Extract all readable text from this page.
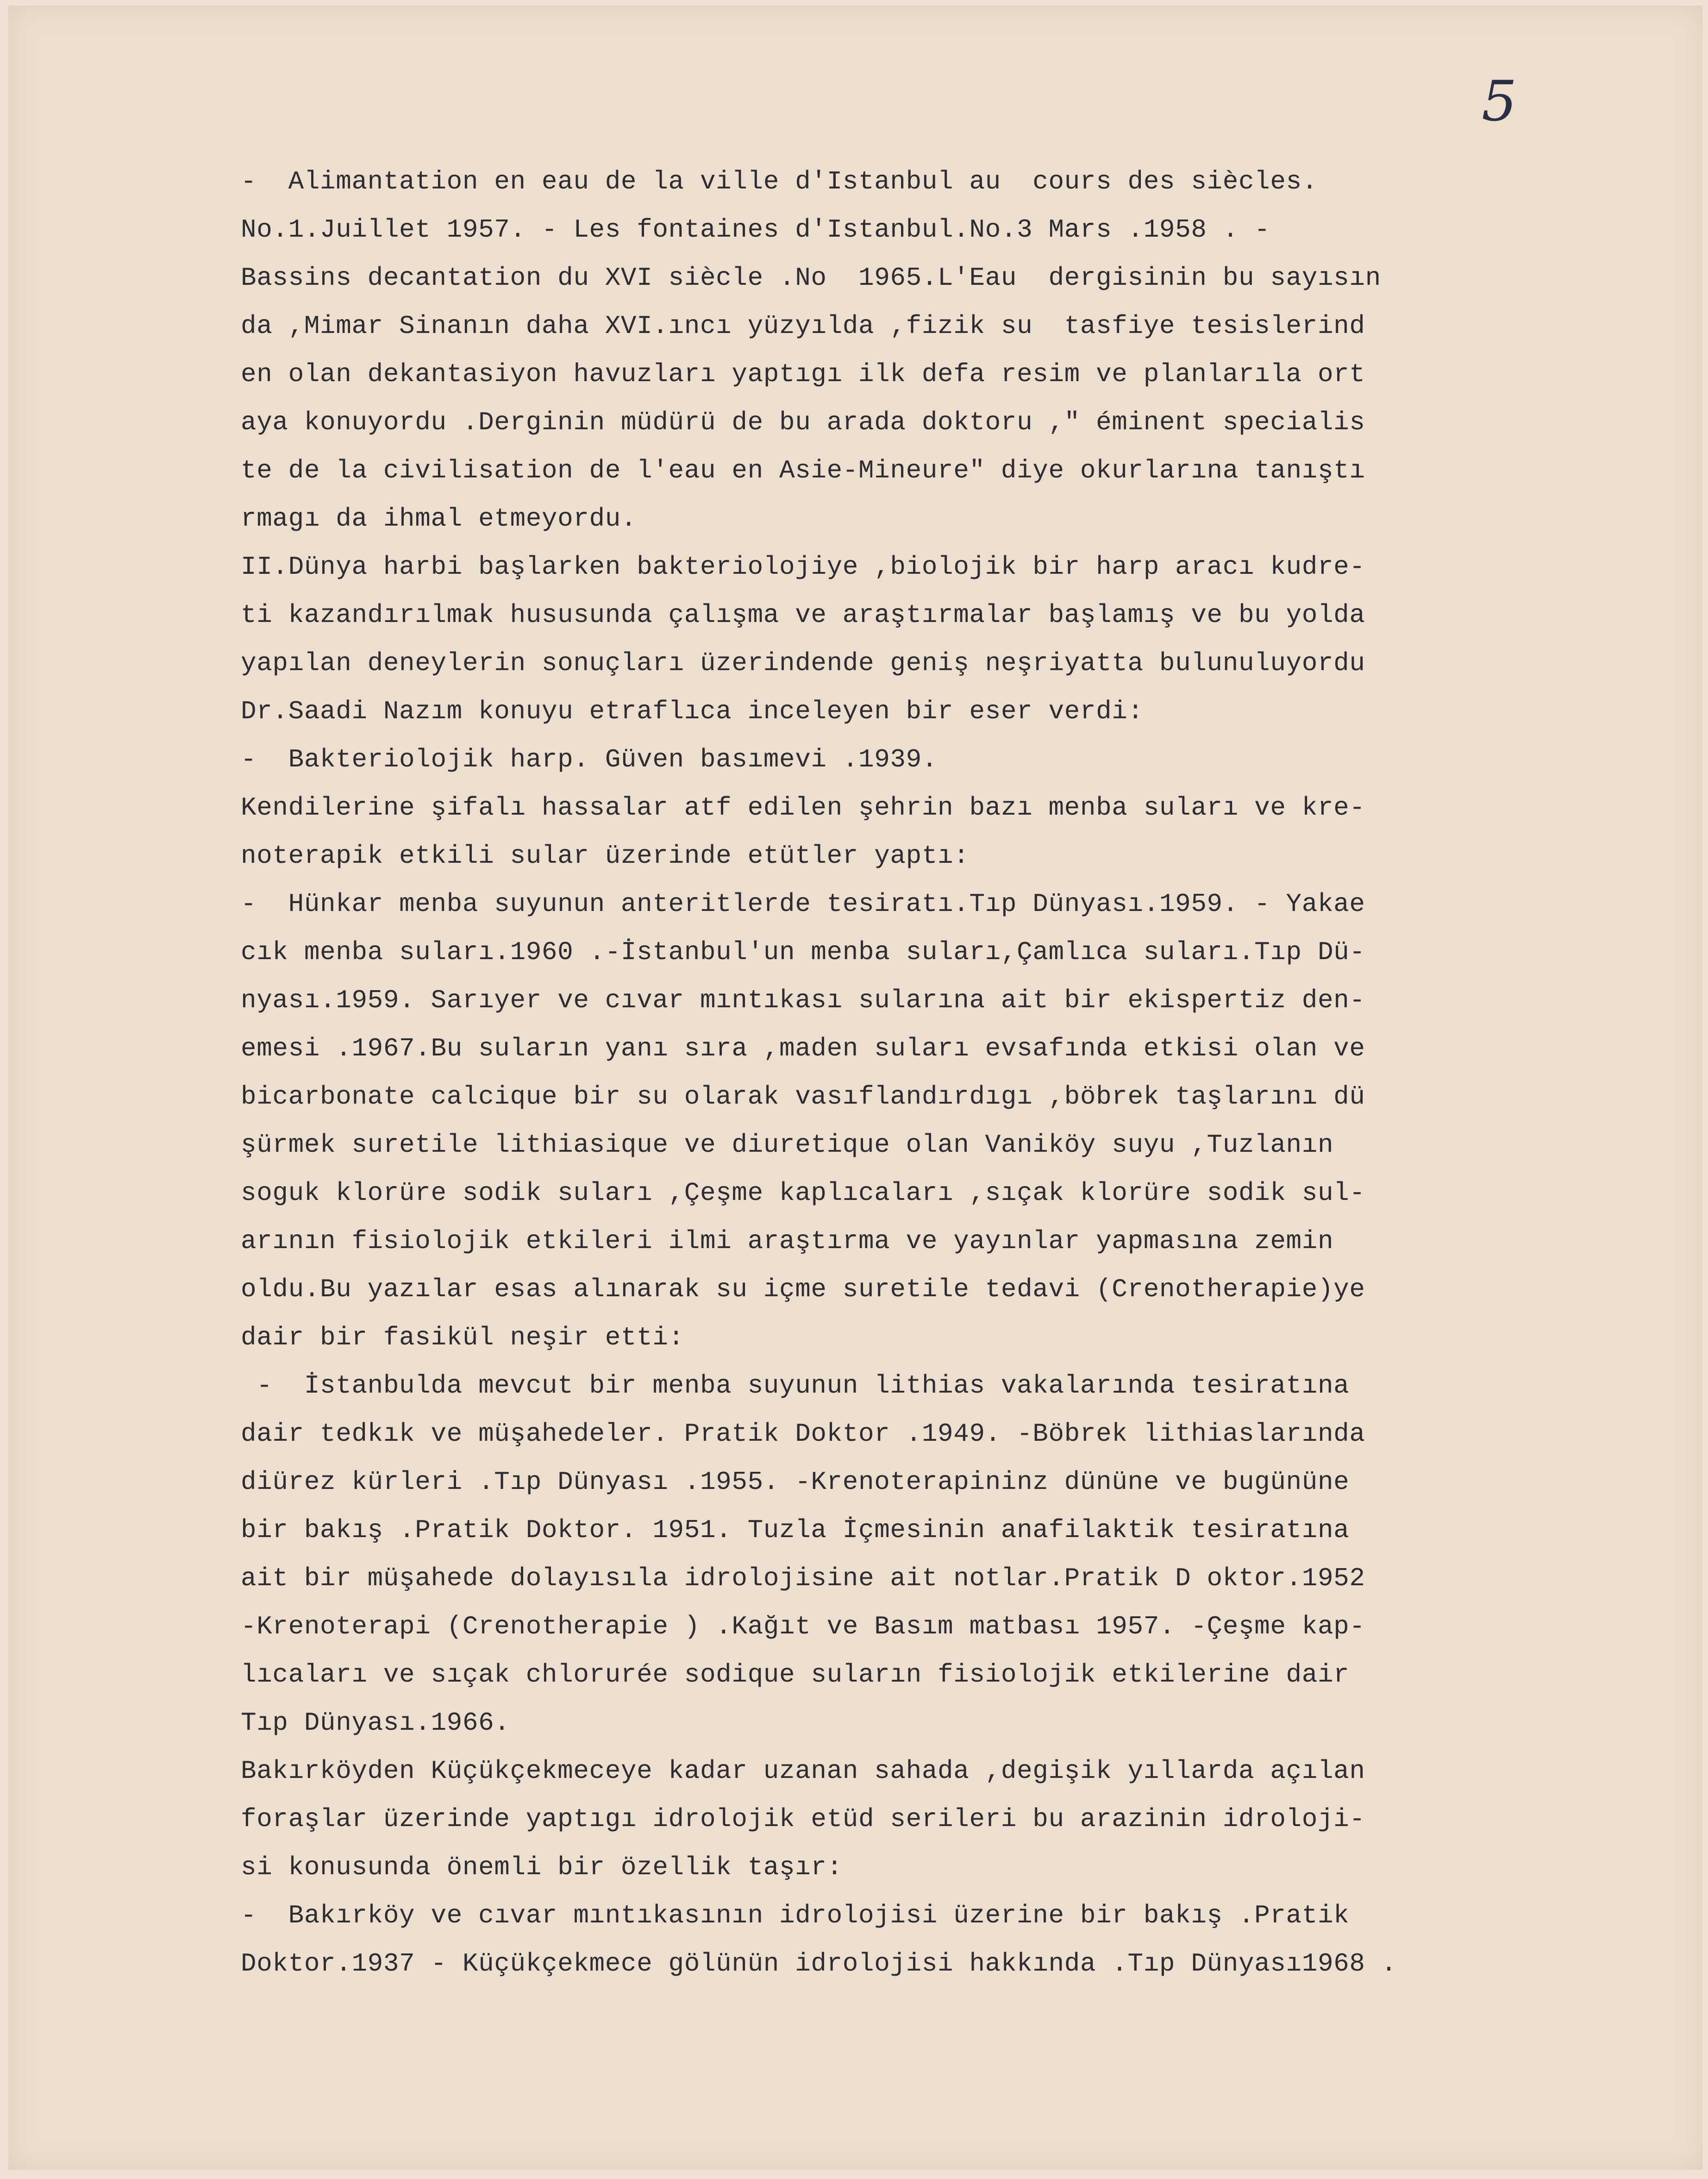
5
-  Alimantation en eau de la ville d'Istanbul au  cours des siècles.
No.1.Juillet 1957. - Les fontaines d'Istanbul.No.3 Mars .1958 . -
Bassins decantation du XVI siècle .No  1965.L'Eau  dergisinin bu sayısın
da ,Mimar Sinanın daha XVI.ıncı yüzyılda ,fizik su  tasfiye tesislerind
en olan dekantasiyon havuzları yaptıgı ilk defa resim ve planlarıla ort
aya konuyordu .Derginin müdürü de bu arada doktoru ," éminent specialis
te de la civilisation de l'eau en Asie-Mineure" diye okurlarına tanıştı
rmagı da ihmal etmeyordu.
II.Dünya harbi başlarken bakteriolojiye ,biolojik bir harp aracı kudre-
ti kazandırılmak hususunda çalışma ve araştırmalar başlamış ve bu yolda
yapılan deneylerin sonuçları üzerindende geniş neşriyatta bulunuluyordu
Dr.Saadi Nazım konuyu etraflıca inceleyen bir eser verdi:
-  Bakteriolojik harp. Güven basımevi .1939.
Kendilerine şifalı hassalar atf edilen şehrin bazı menba suları ve kre-
noterapik etkili sular üzerinde etütler yaptı:
-  Hünkar menba suyunun anteritlerde tesiratı.Tıp Dünyası.1959. - Yakae
cık menba suları.1960 .-İstanbul'un menba suları,Çamlıca suları.Tıp Dü-
nyası.1959. Sarıyer ve cıvar mıntıkası sularına ait bir ekispertiz den-
emesi .1967.Bu suların yanı sıra ,maden suları evsafında etkisi olan ve
bicarbonate calcique bir su olarak vasıflandırdıgı ,böbrek taşlarını dü
şürmek suretile lithiasique ve diuretique olan Vaniköy suyu ,Tuzlanın
soguk klorüre sodik suları ,Çeşme kaplıcaları ,sıçak klorüre sodik sul-
arının fisiolojik etkileri ilmi araştırma ve yayınlar yapmasına zemin
oldu.Bu yazılar esas alınarak su içme suretile tedavi (Crenotherapie)ye
dair bir fasikül neşir etti:
-  İstanbulda mevcut bir menba suyunun lithias vakalarında tesiratına
dair tedkık ve müşahedeler. Pratik Doktor .1949. -Böbrek lithiaslarında
diürez kürleri .Tıp Dünyası .1955. -Krenoterapininz dününe ve bugününe
bir bakış .Pratik Doktor. 1951. Tuzla İçmesinin anafilaktik tesiratına
ait bir müşahede dolayısıla idrolojisine ait notlar.Pratik D oktor.1952
-Krenoterapi (Crenotherapie ) .Kağıt ve Basım matbası 1957. -Çeşme kap-
lıcaları ve sıçak chlorurée sodique suların fisiolojik etkilerine dair
Tıp Dünyası.1966.
Bakırköyden Küçükçekmeceye kadar uzanan sahada ,degişik yıllarda açılan
foraşlar üzerinde yaptıgı idrolojik etüd serileri bu arazinin idroloji-
si konusunda önemli bir özellik taşır:
-  Bakırköy ve cıvar mıntıkasının idrolojisi üzerine bir bakış .Pratik
Doktor.1937 - Küçükçekmece gölünün idrolojisi hakkında .Tıp Dünyası1968 .
